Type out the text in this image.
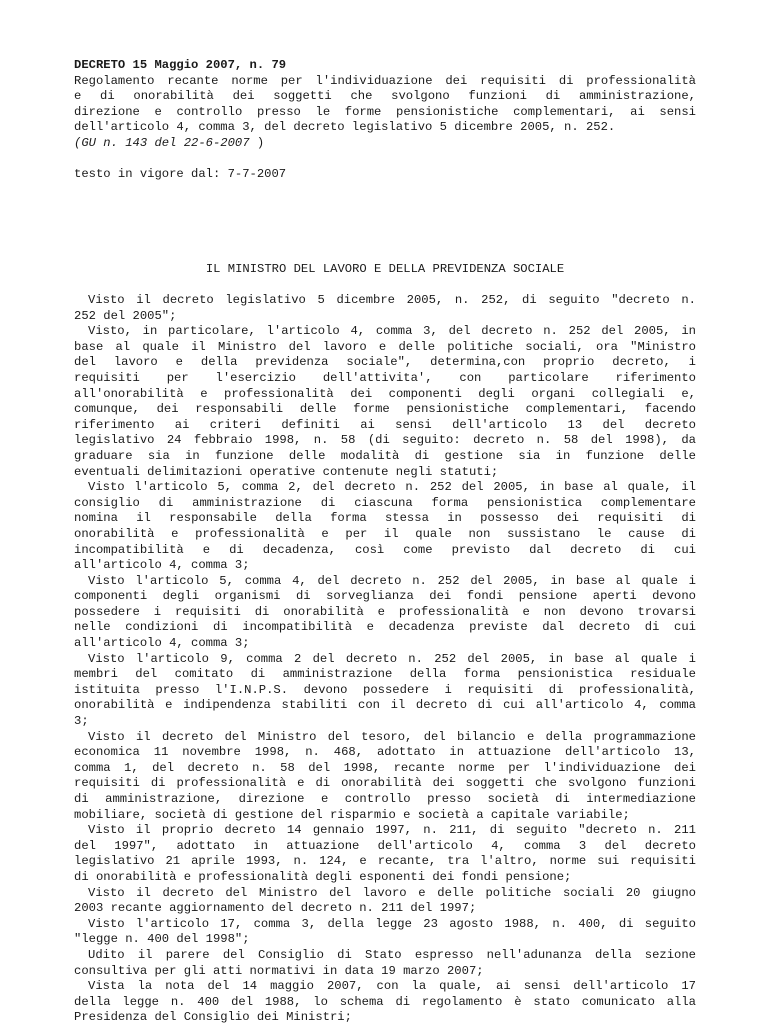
DECRETO 15 Maggio 2007, n. 79
Regolamento recante norme per l'individuazione dei requisiti di professionalità
e di onorabilità dei soggetti che svolgono funzioni di amministrazione,
direzione e controllo presso le forme pensionistiche complementari, ai sensi
dell'articolo 4, comma 3, del decreto legislativo 5 dicembre 2005, n. 252.
(GU n. 143 del 22-6-2007 )
testo in vigore dal: 7-7-2007
IL MINISTRO DEL LAVORO E DELLA PREVIDENZA SOCIALE
Visto il decreto legislativo 5 dicembre 2005, n. 252, di seguito "decreto n.
252 del 2005";
Visto, in particolare, l'articolo 4, comma 3, del decreto n. 252 del 2005, in
base al quale il Ministro del lavoro e delle politiche sociali, ora "Ministro
del lavoro e della previdenza sociale", determina,con proprio decreto, i
requisiti per l'esercizio dell'attivita', con particolare riferimento
all'onorabilità e professionalità dei componenti degli organi collegiali e,
comunque, dei responsabili delle forme pensionistiche complementari, facendo
riferimento ai criteri definiti ai sensi dell'articolo 13 del decreto
legislativo 24 febbraio 1998, n. 58 (di seguito: decreto n. 58 del 1998), da
graduare sia in funzione delle modalità di gestione sia in funzione delle
eventuali delimitazioni operative contenute negli statuti;
Visto l'articolo 5, comma 2, del decreto n. 252 del 2005, in base al quale, il
consiglio di amministrazione di ciascuna forma pensionistica complementare
nomina il responsabile della forma stessa in possesso dei requisiti di
onorabilità e professionalità e per il quale non sussistano le cause di
incompatibilità e di decadenza, così come previsto dal decreto di cui
all'articolo 4, comma 3;
Visto l'articolo 5, comma 4, del decreto n. 252 del 2005, in base al quale i
componenti degli organismi di sorveglianza dei fondi pensione aperti devono
possedere i requisiti di onorabilità e professionalità e non devono trovarsi
nelle condizioni di incompatibilità e decadenza previste dal decreto di cui
all'articolo 4, comma 3;
Visto l'articolo 9, comma 2 del decreto n. 252 del 2005, in base al quale i
membri del comitato di amministrazione della forma pensionistica residuale
istituita presso l'I.N.P.S. devono possedere i requisiti di professionalità,
onorabilità e indipendenza stabiliti con il decreto di cui all'articolo 4, comma
3;
Visto il decreto del Ministro del tesoro, del bilancio e della programmazione
economica 11 novembre 1998, n. 468, adottato in attuazione dell'articolo 13,
comma 1, del decreto n. 58 del 1998, recante norme per l'individuazione dei
requisiti di professionalità e di onorabilità dei soggetti che svolgono funzioni
di amministrazione, direzione e controllo presso società di intermediazione
mobiliare, società di gestione del risparmio e società a capitale variabile;
Visto il proprio decreto 14 gennaio 1997, n. 211, di seguito "decreto n. 211
del 1997", adottato in attuazione dell'articolo 4, comma 3 del decreto
legislativo 21 aprile 1993, n. 124, e recante, tra l'altro, norme sui requisiti
di onorabilità e professionalità degli esponenti dei fondi pensione;
Visto il decreto del Ministro del lavoro e delle politiche sociali 20 giugno
2003 recante aggiornamento del decreto n. 211 del 1997;
Visto l'articolo 17, comma 3, della legge 23 agosto 1988, n. 400, di seguito
"legge n. 400 del 1998";
Udito il parere del Consiglio di Stato espresso nell'adunanza della sezione
consultiva per gli atti normativi in data 19 marzo 2007;
Vista la nota del 14 maggio 2007, con la quale, ai sensi dell'articolo 17
della legge n. 400 del 1988, lo schema di regolamento è stato comunicato alla
Presidenza del Consiglio dei Ministri;
